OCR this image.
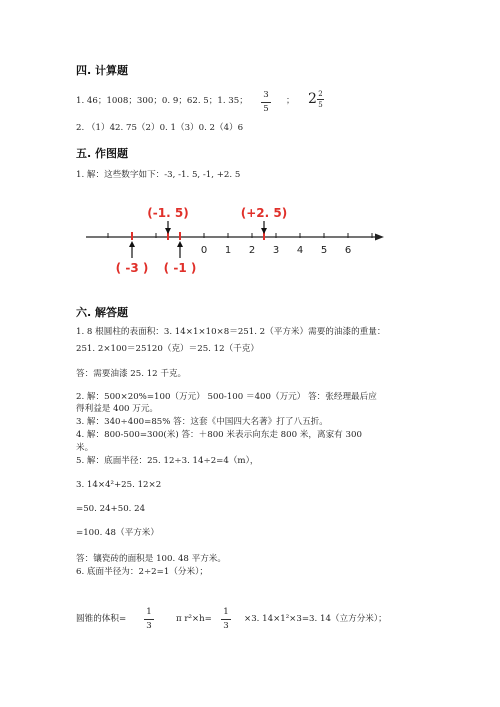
四. 计算题
1. 46；1008；300；0. 9；62. 5；1. 35；
3
5
； 2 2
5
2. （1）42. 75（2）0. 1（3）0. 2（4）6
五. 作图题
1. 解：这些数字如下：-3, -1. 5, -1, +2. 5
0 1 2 3 4 5 6
(-1. 5)	(+2. 5)
( -3 ) ( -1 )
六. 解答题
1. 8 根圆柱的表面积：3. 14×1×10×8＝251. 2（平方米）需要的油漆的重量：
251. 2×100＝25120（克）＝25. 12（千克）
答：需要油漆 25. 12 千克。
2. 解：500×20%=100（万元） 500-100 ＝400（万元） 答：张经理最后应
得利益是 400 万元。
3. 解：340÷400=85% 答：这套《中国四大名著》打了八五折。
4. 解：800-500=300(米) 答：＋800 米表示向东走 800 米，离家有 300
米。
5. 解：底面半径：25. 12÷3. 14÷2=4（m），
3. 14×4²+25. 12×2
=50. 24+50. 24
=100. 48（平方米）
答：镶瓷砖的面积是 100. 48 平方米。
6. 底面半径为：2÷2=1（分米）；
圆锥的体积=
1
3
π r²×h=
1
3
×3. 14×1²×3=3. 14（立方分米）；
